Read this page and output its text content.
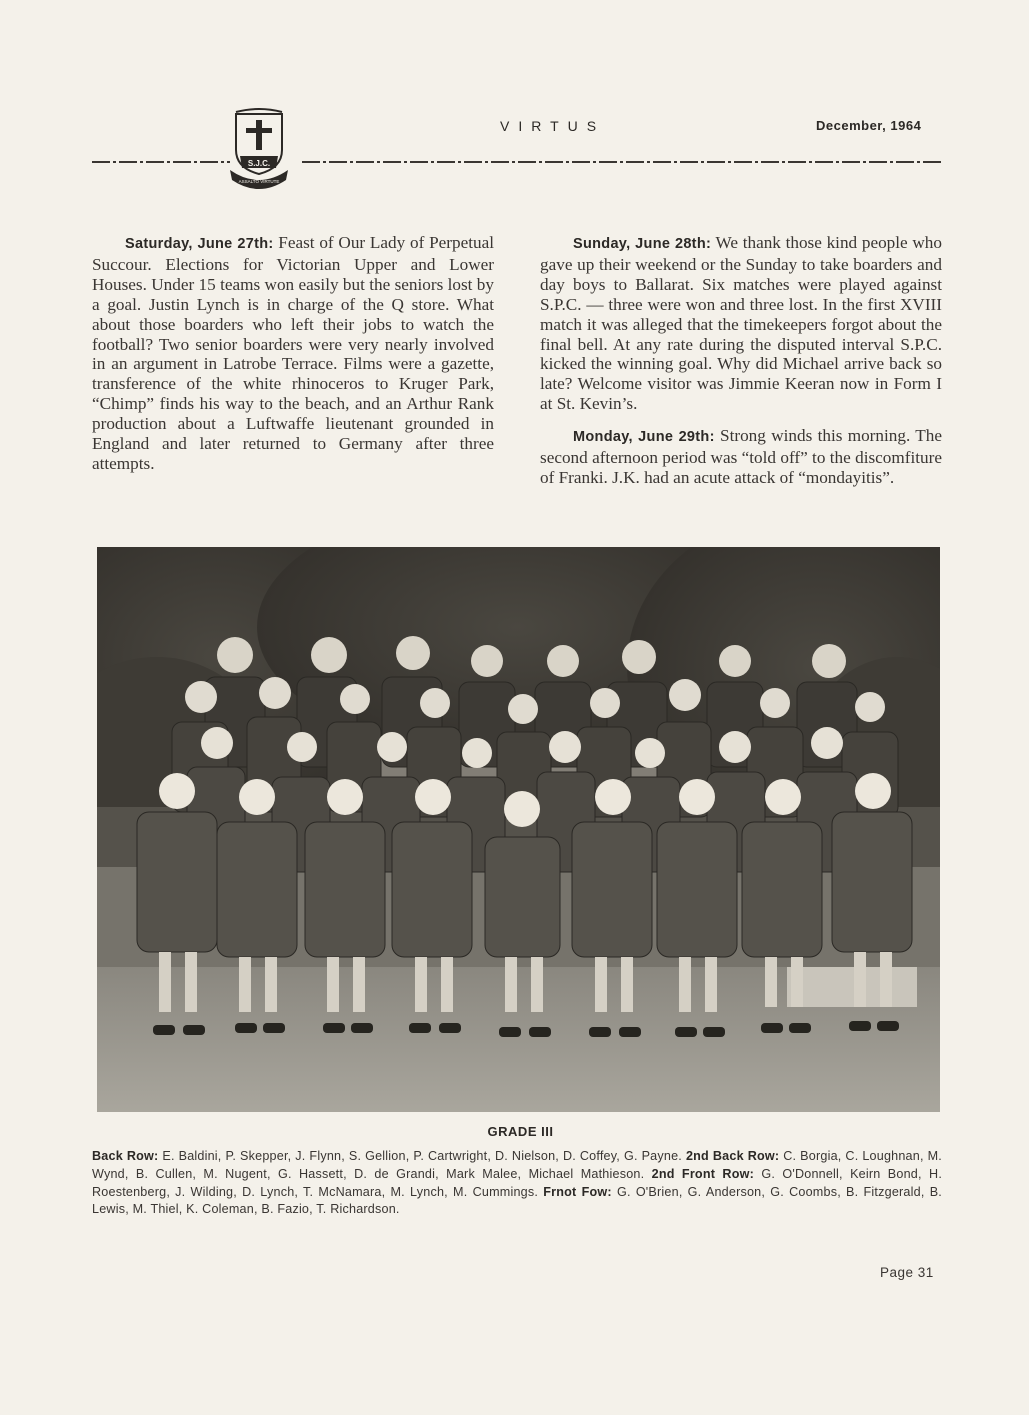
S.J.C.
ASSALTO VIRTUTE
VIRTUS	December, 1964

Saturday, June 27th: Feast of Our Lady of Perpetual Succour. Elections for Victorian Upper and Lower Houses. Under 15 teams won easily but the seniors lost by a goal. Justin Lynch is in charge of the Q store. What about those boarders who left their jobs to watch the football? Two senior boarders were very nearly involved in an argument in Latrobe Terrace. Films were a gazette, transference of the white rhinoceros to Kruger Park, “Chimp” finds his way to the beach, and an Arthur Rank production about a Luftwaffe lieutenant grounded in England and later returned to Germany after three attempts.

Sunday, June 28th: We thank those kind people who gave up their weekend or the Sunday to take boarders and day boys to Ballarat. Six matches were played against S.P.C. — three were won and three lost. In the first XVIII match it was alleged that the timekeepers forgot about the final bell. At any rate during the disputed interval S.P.C. kicked the winning goal. Why did Michael arrive back so late? Welcome visitor was Jimmie Keeran now in Form I at St. Kevin’s.

Monday, June 29th: Strong winds this morning. The second afternoon period was “told off” to the discomfiture of Franki. J.K. had an acute attack of “mondayitis”.

GRADE III
Back Row: E. Baldini, P. Skepper, J. Flynn, S. Gellion, P. Cartwright, D. Nielson, D. Coffey, G. Payne. 2nd Back Row: C. Borgia, C. Loughnan, M. Wynd, B. Cullen, M. Nugent, G. Hassett, D. de Grandi, Mark Malee, Michael Mathieson. 2nd Front Row: G. O'Donnell, Keirn Bond, H. Roestenberg, J. Wilding, D. Lynch, T. McNamara, M. Lynch, M. Cummings. Frnot Fow: G. O'Brien, G. Anderson, G. Coombs, B. Fitzgerald, B. Lewis, M. Thiel, K. Coleman, B. Fazio, T. Richardson.
Page 31
